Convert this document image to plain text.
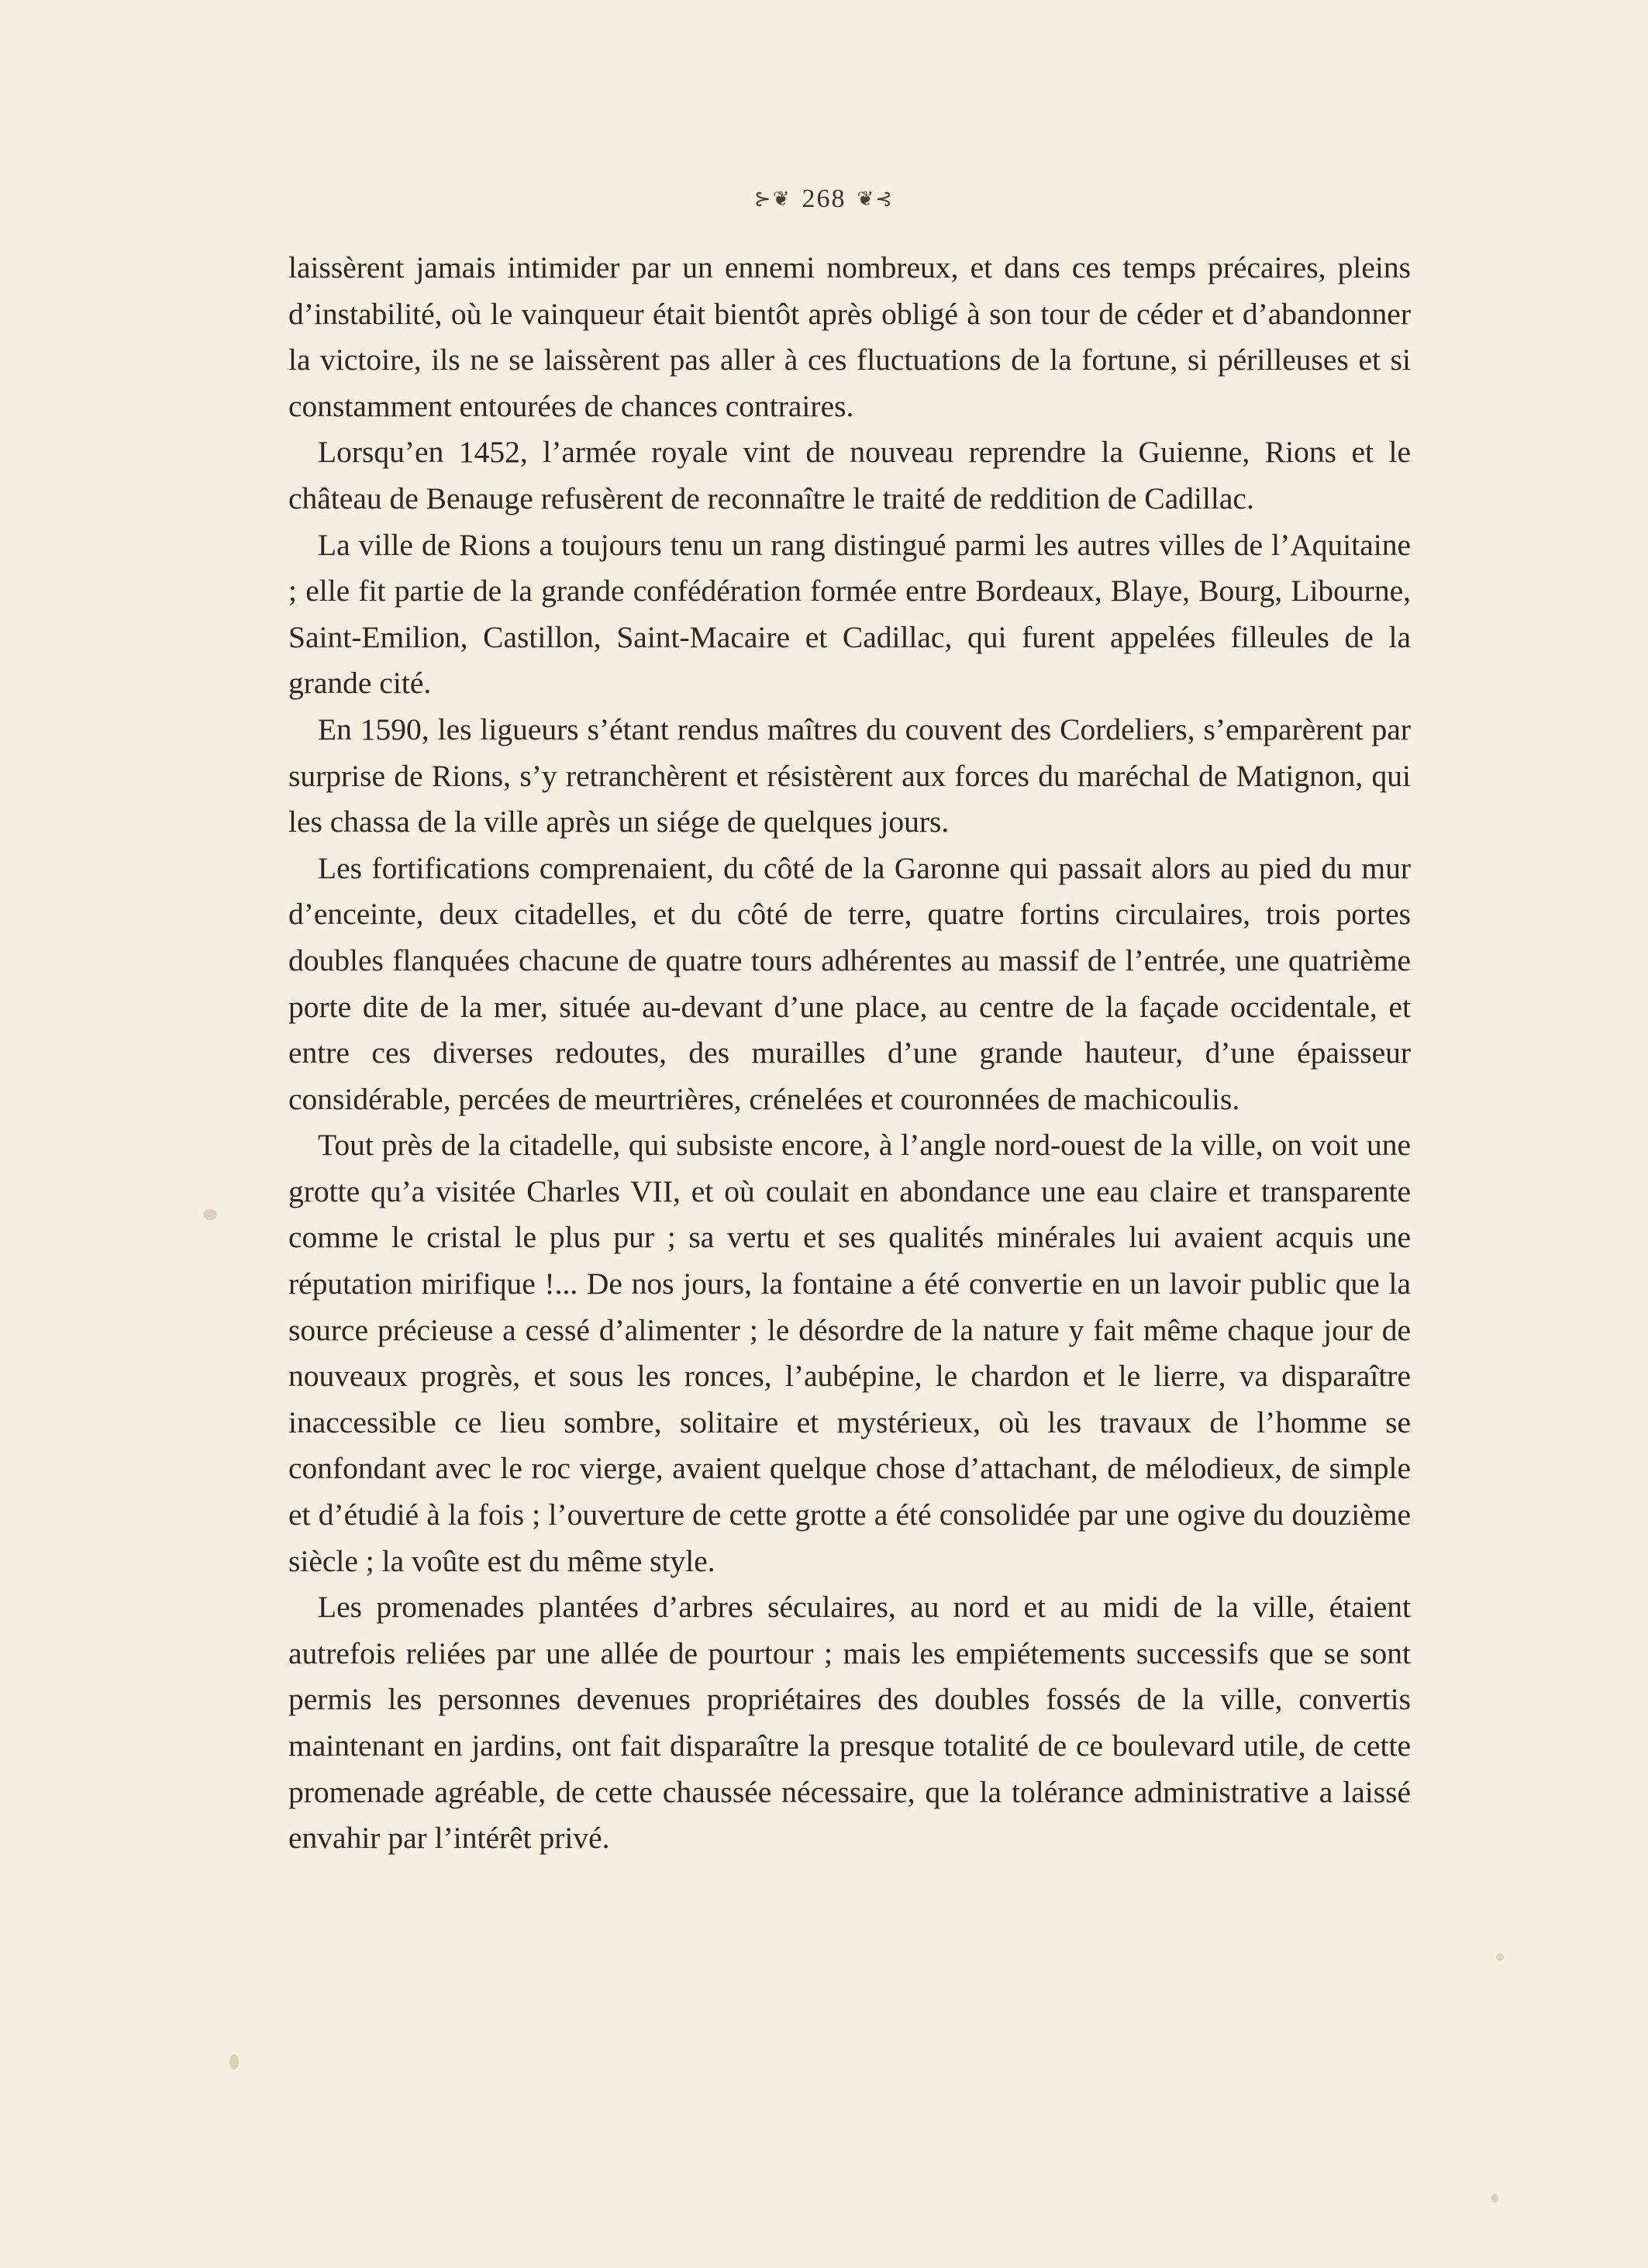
⊱❦ 268 ❦⊰

laissèrent jamais intimider par un ennemi nombreux, et dans ces temps précaires, pleins d’instabilité, où le vainqueur était bientôt après obligé à son tour de céder et d’abandonner la victoire, ils ne se laissèrent pas aller à ces fluctuations de la fortune, si périlleuses et si constamment entourées de chances contraires.

Lorsqu’en 1452, l’armée royale vint de nouveau reprendre la Guienne, Rions et le château de Benauge refusèrent de reconnaître le traité de reddition de Cadillac.

La ville de Rions a toujours tenu un rang distingué parmi les autres villes de l’Aquitaine ; elle fit partie de la grande confédération formée entre Bordeaux, Blaye, Bourg, Libourne, Saint-Emilion, Castillon, Saint-Macaire et Cadillac, qui furent appelées filleules de la grande cité.

En 1590, les ligueurs s’étant rendus maîtres du couvent des Cordeliers, s’emparèrent par surprise de Rions, s’y retranchèrent et résistèrent aux forces du maréchal de Matignon, qui les chassa de la ville après un siége de quelques jours.

Les fortifications comprenaient, du côté de la Garonne qui passait alors au pied du mur d’enceinte, deux citadelles, et du côté de terre, quatre fortins circulaires, trois portes doubles flanquées chacune de quatre tours adhérentes au massif de l’entrée, une quatrième porte dite de la mer, située au-devant d’une place, au centre de la façade occidentale, et entre ces diverses redoutes, des murailles d’une grande hauteur, d’une épaisseur considérable, percées de meurtrières, crénelées et couronnées de machicoulis.

Tout près de la citadelle, qui subsiste encore, à l’angle nord-ouest de la ville, on voit une grotte qu’a visitée Charles VII, et où coulait en abondance une eau claire et transparente comme le cristal le plus pur ; sa vertu et ses qualités minérales lui avaient acquis une réputation mirifique !... De nos jours, la fontaine a été convertie en un lavoir public que la source précieuse a cessé d’alimenter ; le désordre de la nature y fait même chaque jour de nouveaux progrès, et sous les ronces, l’aubépine, le chardon et le lierre, va disparaître inaccessible ce lieu sombre, solitaire et mystérieux, où les travaux de l’homme se confondant avec le roc vierge, avaient quelque chose d’attachant, de mélodieux, de simple et d’étudié à la fois ; l’ouverture de cette grotte a été consolidée par une ogive du douzième siècle ; la voûte est du même style.

Les promenades plantées d’arbres séculaires, au nord et au midi de la ville, étaient autrefois reliées par une allée de pourtour ; mais les empiétements successifs que se sont permis les personnes devenues propriétaires des doubles fossés de la ville, convertis maintenant en jardins, ont fait disparaître la presque totalité de ce boulevard utile, de cette promenade agréable, de cette chaussée nécessaire, que la tolérance administrative a laissé envahir par l’intérêt privé.
